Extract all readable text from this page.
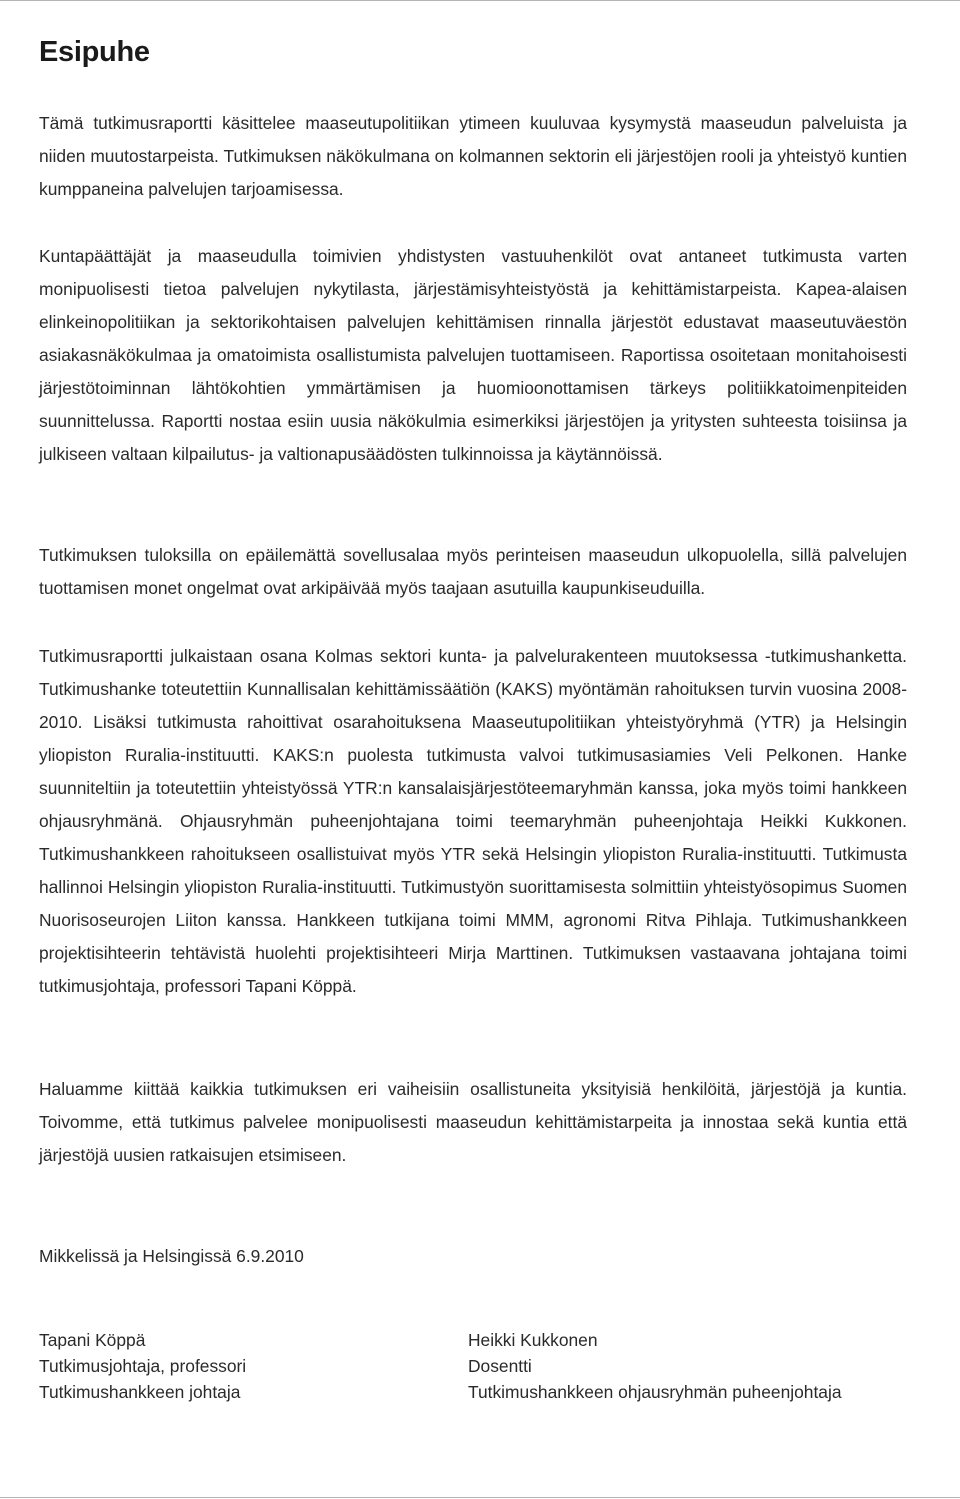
Esipuhe

Tämä tutkimusraportti käsittelee maaseutupolitiikan ytimeen kuuluvaa kysymystä maaseudun palveluista ja niiden muutostarpeista. Tutkimuksen näkökulmana on kolmannen sektorin eli järjestöjen rooli ja yhteistyö kuntien kumppaneina palvelujen tarjoamisessa.

Kuntapäättäjät ja maaseudulla toimivien yhdistysten vastuuhenkilöt ovat antaneet tutkimusta varten monipuolisesti tietoa palvelujen nykytilasta, järjestämisyhteistyöstä ja kehittämistarpeista. Kapea-alaisen elinkeinopolitiikan ja sektorikohtaisen palvelujen kehittämisen rinnalla järjestöt edustavat maaseutuväestön asiakasnäkökulmaa ja omatoimista osallistumista palvelujen tuottamiseen. Raportissa osoitetaan monitahoisesti järjestötoiminnan lähtökohtien ymmärtämisen ja huomioonottamisen tärkeys politiikkatoimenpiteiden suunnittelussa. Raportti nostaa esiin uusia näkökulmia esimerkiksi järjestöjen ja yritysten suhteesta toisiinsa ja julkiseen valtaan kilpailutus- ja valtionapusäädösten tulkinnoissa ja käytännöissä.

Tutkimuksen tuloksilla on epäilemättä sovellusalaa myös perinteisen maaseudun ulkopuolella, sillä palvelujen tuottamisen monet ongelmat ovat arkipäivää myös taajaan asutuilla kaupunkiseuduilla.

Tutkimusraportti julkaistaan osana Kolmas sektori kunta- ja palvelurakenteen muutoksessa -tutkimushanketta. Tutkimushanke toteutettiin Kunnallisalan kehittämissäätiön (KAKS) myöntämän rahoituksen turvin vuosina 2008-2010. Lisäksi tutkimusta rahoittivat osarahoituksena Maaseutupolitiikan yhteistyöryhmä (YTR) ja Helsingin yliopiston Ruralia-instituutti. KAKS:n puolesta tutkimusta valvoi tutkimusasiamies Veli Pelkonen. Hanke suunniteltiin ja toteutettiin yhteistyössä YTR:n kansalaisjärjestöteemaryhmän kanssa, joka myös toimi hankkeen ohjausryhmänä. Ohjausryhmän puheenjohtajana toimi teemaryhmän puheenjohtaja Heikki Kukkonen. Tutkimushankkeen rahoitukseen osallistuivat myös YTR sekä Helsingin yliopiston Ruralia-instituutti. Tutkimusta hallinnoi Helsingin yliopiston Ruralia-instituutti. Tutkimustyön suorittamisesta solmittiin yhteistyösopimus Suomen Nuorisoseurojen Liiton kanssa. Hankkeen tutkijana toimi MMM, agronomi Ritva Pihlaja. Tutkimushankkeen projektisihteerin tehtävistä huolehti projektisihteeri Mirja Marttinen. Tutkimuksen vastaavana johtajana toimi tutkimusjohtaja, professori Tapani Köppä.

Haluamme kiittää kaikkia tutkimuksen eri vaiheisiin osallistuneita yksityisiä henkilöitä, järjestöjä ja kuntia. Toivomme, että tutkimus palvelee monipuolisesti maaseudun kehittämistarpeita ja innostaa sekä kuntia että järjestöjä uusien ratkaisujen etsimiseen.

Mikkelissä ja Helsingissä 6.9.2010
Tapani Köppä
Tutkimusjohtaja, professori
Tutkimushankkeen johtaja
Heikki Kukkonen
Dosentti
Tutkimushankkeen ohjausryhmän puheenjohtaja
